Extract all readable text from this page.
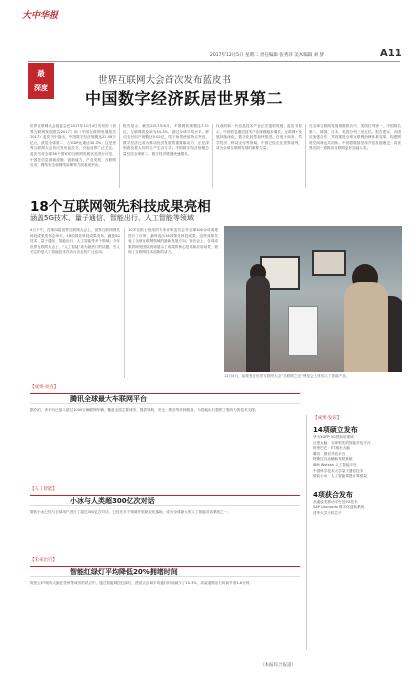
大中华报
2017年12月5日 星期二 责任编辑 张秀萍 美术编辑 刘 梦	A11
最
深度
世界互联网大会首次发布蓝皮书
中国数字经济跃居世界第二
世界互联网大会组委会在2017年12月4日发布的《世界互联网发展报告2017》和《中国互联网发展报告2017》蓝皮书中指出，中国数字经济规模达22.58万亿元，跃居全球第二，占GDP比重达30.3%。这是世界互联网大会首次发布蓝皮书，引起业界广泛关注。蓝皮书对全球38个国家的互联网发展状况进行评估，中国在信息基础设施、创新能力、产业发展、互联网应用、网络安全和网络治理等方面表现突出。
报告显示，截至2017年6月，中国网民规模达7.51亿，互联网普及率为54.3%，超过全球平均水平。移动支付用户规模达5.02亿，线下场景使用特点突出。数字经济已成为推动经济发展的重要驱动力，正在深刻改变着人们的生产生活方式。中国数字经济规模总量位居全球第二，数字经济增速快速增长。
代表的新一代信息技术产业正在蓬勃发展。蓝皮书显示，中国信息通信技术产业规模稳步增长，互联网+发展持续深化，数字化转型加快推进。在电子商务、共享经济、移动支付等领域，中国已经走在世界前列，成为全球互联网发展的重要力量。
在全球互联网发展指数排名中，美国位列第一，中国排名第二，韩国、日本、英国分列三至五位。报告建议，各国应加强合作，共同推进全球互联网治理体系变革，构建网络空间命运共同体。中国将继续坚持开放发展理念，同世界各国一道推动互联网更好造福人类。
18个互联网领先科技成果亮相
涵盖5G技术、量子通信、智能出行、人工智能等领域
4日下午，在第四届世界互联网大会上，世界互联网领先科技成果发布会举行，18项领先科技成果发布，涵盖5G技术、量子通信、智能出行、人工智能等多个领域。今年世界互联网大会上，“人工智能”成为最热门的话题，引人关注的是人工智能技术在各行各业的广泛应用。
10多位院士组成的专家评审委员会对全球500余项成果进行了评审，最终选出18项领先科技成果，这些成果代表了全球互联网领域的最新发展方向。发布会上，各项成果的研发团队现场展示了成果的核心技术和应用场景，展现了互联网技术创新的活力。
12月4日，参观者在世界互联网大会“互联网之光”博览会上体验人工智能产品。
【成果·亮点】
腾讯全球最大车联网平台
据介绍，该平台已接入超过1000万辆联网车辆，覆盖全国主要城市，提供导航、安全、娱乐等多种服务，为智能出行提供了强有力的技术支撑。
【人工智能】
小冰与人类超300亿次对话
微软小冰已经与全球用户进行了超过300亿次对话，已经在多个领域开展商业化落地，成为全球最大的人工智能对话系统之一。
【未来出行】
智能红绿灯平均降低20%拥堵时间
阿里云ET城市大脑在杭州等城市的试点中，通过智能调控红绿灯，使试点区域平均通行时间减少了15.3%，高架道路出行时间节省4.6分钟。
【成果·发布】
14项硕立发布
华为3GPP 5G预商用系统
百度大脑：全球领先的智能开放平台
阿里巴巴：ET城市大脑
腾讯：微信开放平台
特斯拉自动辅助驾驶系统
IBM Watson 人工智能平台
中国科学技术大学量子通信技术
微软小冰：人工智能情感计算框架
4项获合发布
高通骁龙移动平台及5G技术
SAP Leonardo 数字化创新系统
清华大学天机芯片
（本报综合报道）
